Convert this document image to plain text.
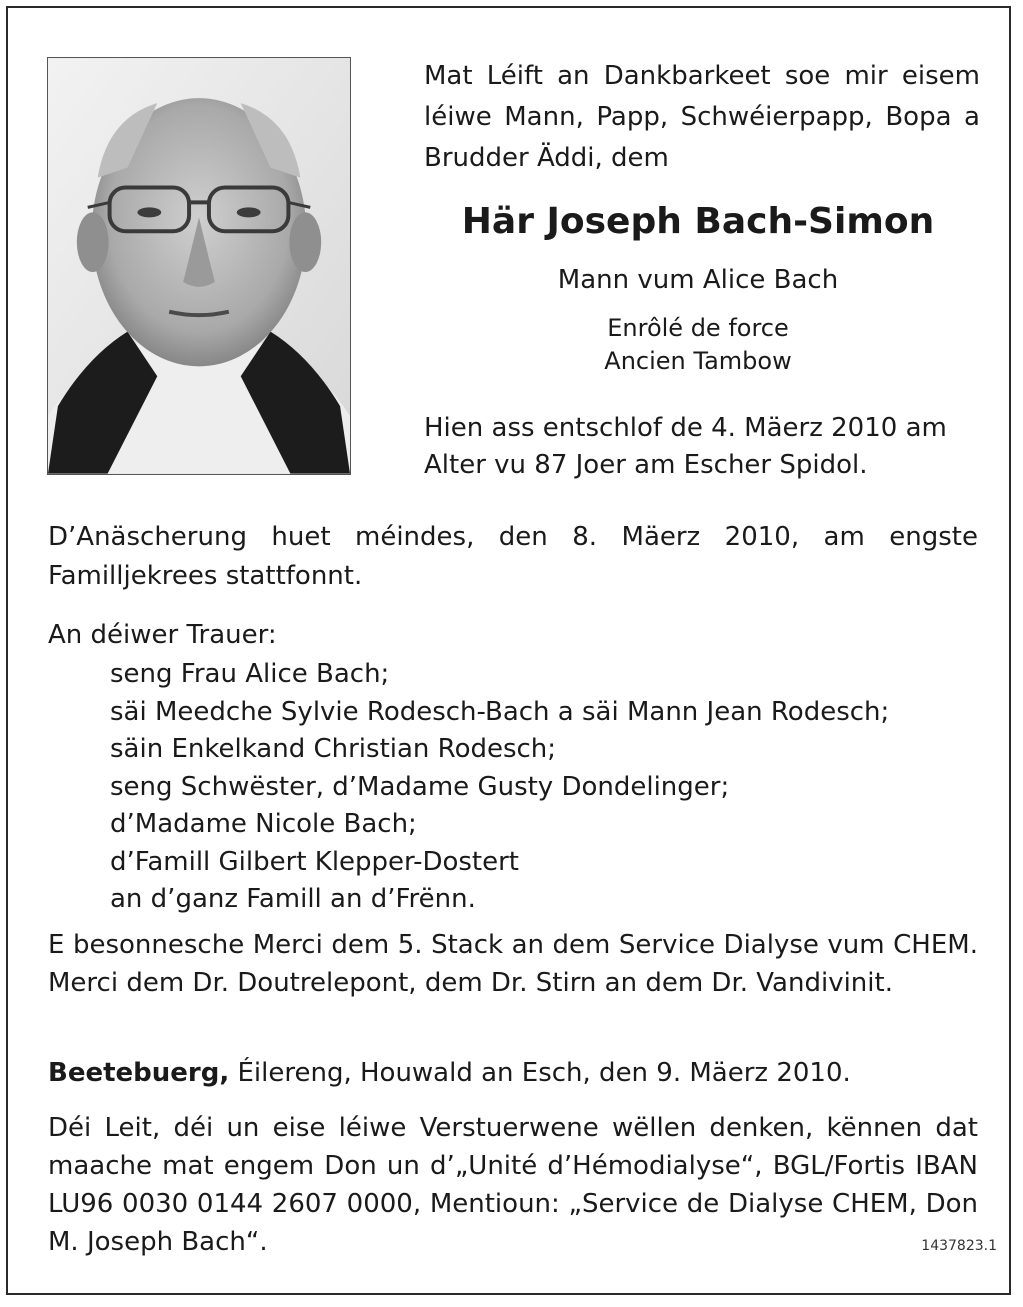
Mat Léift an Dankbarkeet soe mir eisem léiwe Mann, Papp, Schwéierpapp, Bopa a Brudder Äddi, dem
Här Joseph Bach-Simon
Mann vum Alice Bach
Enrôlé de force
Ancien Tambow
Hien ass entschlof de 4. Mäerz 2010 am
Alter vu 87 Joer am Escher Spidol.
D’Anäscherung huet méindes, den 8. Mäerz 2010, am engste Familljekrees stattfonnt.
An déiwer Trauer:
seng Frau Alice Bach;
säi Meedche Sylvie Rodesch-Bach a säi Mann Jean Rodesch;
säin Enkelkand Christian Rodesch;
seng Schwëster, d’Madame Gusty Dondelinger;
d’Madame Nicole Bach;
d’Famill Gilbert Klepper-Dostert
an d’ganz Famill an d’Frënn.
E besonnesche Merci dem 5. Stack an dem Service Dialyse vum CHEM. Merci dem Dr. Doutrelepont, dem Dr. Stirn an dem Dr. Vandivinit.
Beetebuerg, Éilereng, Houwald an Esch, den 9. Mäerz 2010.
Déi Leit, déi un eise léiwe Verstuerwene wëllen denken, kënnen dat maache mat engem Don un d’„Unité d’Hémodialyse“, BGL/Fortis IBAN LU96 0030 0144 2607 0000, Mentioun: „Service de Dialyse CHEM, Don M. Joseph Bach“.	1437823.1
